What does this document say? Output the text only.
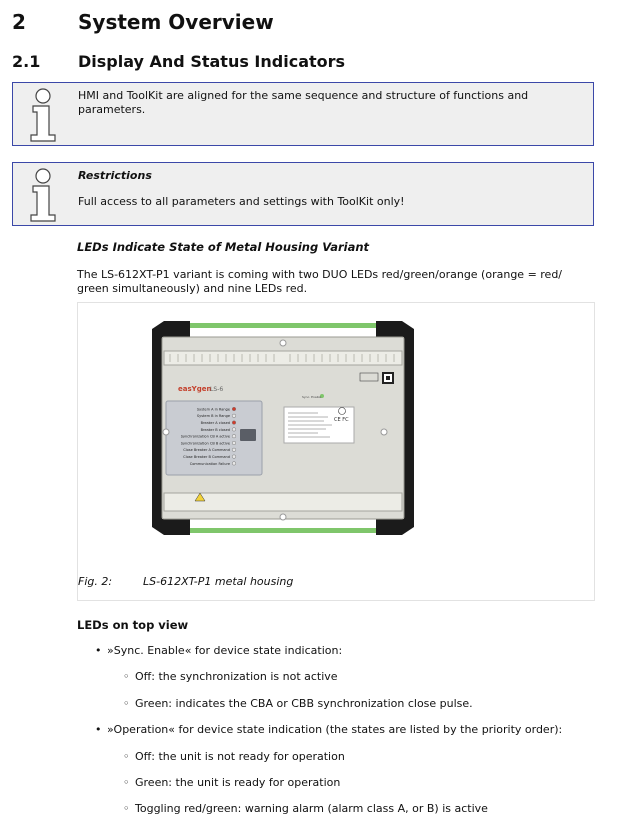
2	System Overview
2.1 Display And Status Indicators
HMI and ToolKit are aligned for the same sequence and structure of functions and parameters.
Restrictions
Full access to all parameters and settings with ToolKit only!
LEDs Indicate State of Metal Housing Variant
The LS-612XT-P1 variant is coming with two DUO LEDs red/green/orange (orange = red/ green simultaneously) and nine LEDs red.
easYgen
LS-6
Sync. Enable
CE FC
System A in Range
System B in Range
Breaker A closed
Breaker B closed
Synchronization CB A active
Synchronization CB B active
Close Breaker A Command
Close Breaker B Command
Communication Failure
Fig. 2:	LS-612XT-P1 metal housing
LEDs on top view
• »Sync. Enable« for device state indication:
◦ Off: the synchronization is not active
◦ Green: indicates the CBA or CBB synchronization close pulse.
• »Operation« for device state indication (the states are listed by the priority order):
◦ Off: the unit is not ready for operation
◦ Green: the unit is ready for operation
◦ Toggling red/green: warning alarm (alarm class A, or B) is active
